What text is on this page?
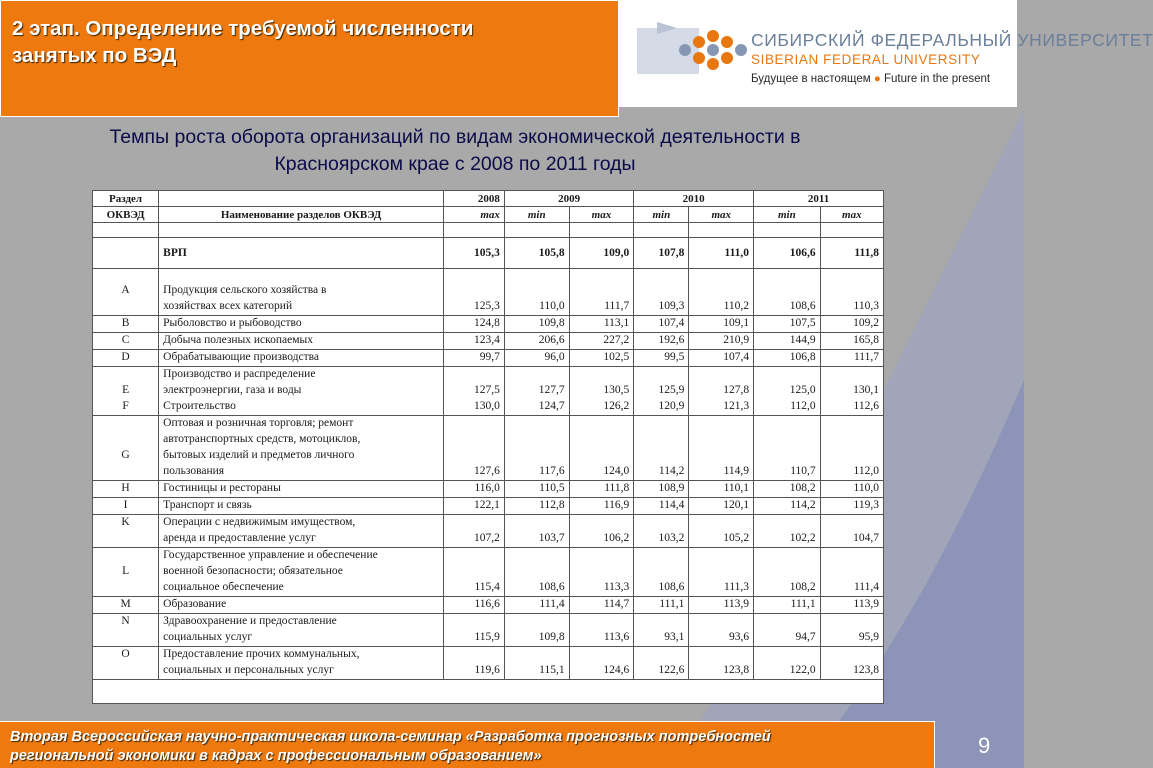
2 этап. Определение требуемой численности
занятых по ВЭД
СИБИРСКИЙ ФЕДЕРАЛЬНЫЙ УНИВЕРСИТЕТ
SIBERIAN FEDERAL UNIVERSITY
Будущее в настоящем ● Future in the present
Темпы роста оборота организаций по видам экономической деятельности в
Красноярском крае с 2008 по 2011 годы
Раздел		2008	2009		2010		2011	
ОКВЭД	Наименование разделов ОКВЭД	max	min	max	min	max	min	max

	ВРП	105,3	105,8	109,0	107,8	111,0	106,6	111,8

A	Продукция сельского хозяйства в							
	хозяйствах всех категорий	125,3	110,0	111,7	109,3	110,2	108,6	110,3
B	Рыболовство и рыбоводство	124,8	109,8	113,1	107,4	109,1	107,5	109,2
C	Добыча полезных ископаемых	123,4	206,6	227,2	192,6	210,9	144,9	165,8
D	Обрабатывающие производства	99,7	96,0	102,5	99,5	107,4	106,8	111,7
	Производство и распределение							
E	электроэнергии, газа и воды	127,5	127,7	130,5	125,9	127,8	125,0	130,1
F	Строительство	130,0	124,7	126,2	120,9	121,3	112,0	112,6
	Оптовая и розничная торговля; ремонт							
	автотранспортных средств, мотоциклов,							
G	бытовых изделий и предметов личного							
	пользования	127,6	117,6	124,0	114,2	114,9	110,7	112,0
H	Гостиницы и рестораны	116,0	110,5	111,8	108,9	110,1	108,2	110,0
I	Транспорт и связь	122,1	112,8	116,9	114,4	120,1	114,2	119,3
K	Операции с недвижимым имуществом,							
	аренда и предоставление услуг	107,2	103,7	106,2	103,2	105,2	102,2	104,7
	Государственное управление и обеспечение							
L	военной безопасности; обязательное							
	социальное обеспечение	115,4	108,6	113,3	108,6	111,3	108,2	111,4
M	Образование	116,6	111,4	114,7	111,1	113,9	111,1	113,9
N	Здравоохранение и предоставление							
	социальных услуг	115,9	109,8	113,6	93,1	93,6	94,7	95,9
O	Предоставление прочих коммунальных,							
	социальных и персональных услуг	119,6	115,1	124,6	122,6	123,8	122,0	123,8
Вторая Всероссийская научно-практическая школа-семинар «Разработка прогнозных потребностей
региональной экономики в кадрах с профессиональным образованием»	9
